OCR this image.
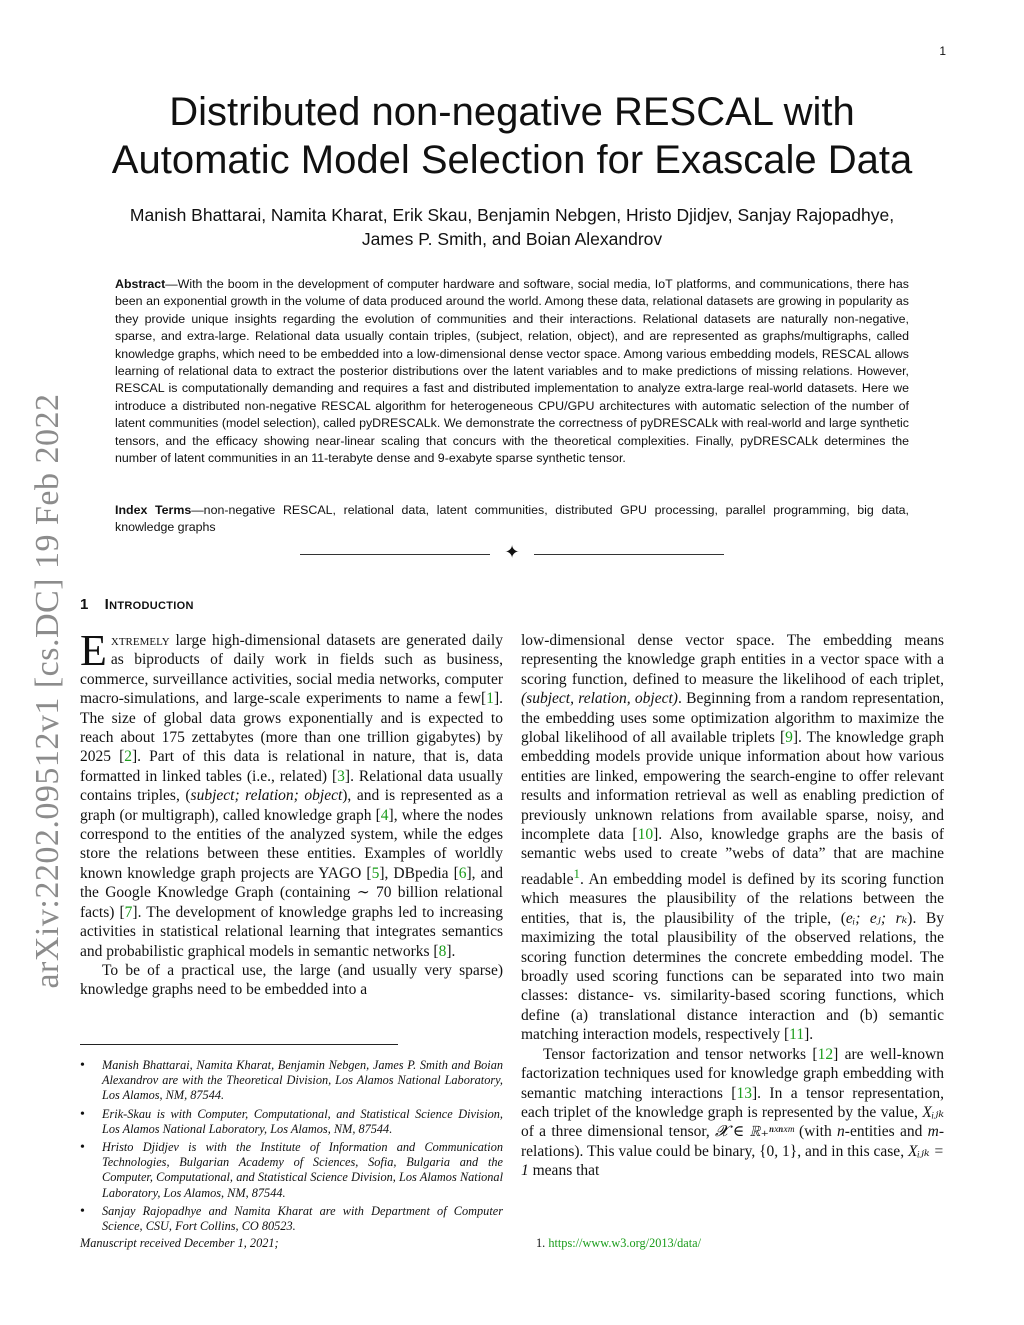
1
arXiv:2202.09512v1 [cs.DC] 19 Feb 2022
Distributed non-negative RESCAL with
Automatic Model Selection for Exascale Data
Manish Bhattarai, Namita Kharat, Erik Skau, Benjamin Nebgen, Hristo Djidjev, Sanjay Rajopadhye,
James P. Smith, and Boian Alexandrov
Abstract—With the boom in the development of computer hardware and software, social media, IoT platforms, and communications, there has been an exponential growth in the volume of data produced around the world. Among these data, relational datasets are growing in popularity as they provide unique insights regarding the evolution of communities and their interactions. Relational datasets are naturally non-negative, sparse, and extra-large. Relational data usually contain triples, (subject, relation, object), and are represented as graphs/multigraphs, called knowledge graphs, which need to be embedded into a low-dimensional dense vector space. Among various embedding models, RESCAL allows learning of relational data to extract the posterior distributions over the latent variables and to make predictions of missing relations. However, RESCAL is computationally demanding and requires a fast and distributed implementation to analyze extra-large real-world datasets. Here we introduce a distributed non-negative RESCAL algorithm for heterogeneous CPU/GPU architectures with automatic selection of the number of latent communities (model selection), called pyDRESCALk. We demonstrate the correctness of pyDRESCALk with real-world and large synthetic tensors, and the efficacy showing near-linear scaling that concurs with the theoretical complexities. Finally, pyDRESCALk determines the number of latent communities in an 11-terabyte dense and 9-exabyte sparse synthetic tensor.
Index Terms—non-negative RESCAL, relational data, latent communities, distributed GPU processing, parallel programming, big data, knowledge graphs
✦
1 Introduction

Extremely large high-dimensional datasets are generated daily as biproducts of daily work in fields such as business, commerce, surveillance activities, social media networks, computer macro-simulations, and large-scale experiments to name a few[1]. The size of global data grows exponentially and is expected to reach about 175 zettabytes (more than one trillion gigabytes) by 2025 [2]. Part of this data is relational in nature, that is, data formatted in linked tables (i.e., related) [3]. Relational data usually contains triples, (subject; relation; object), and is represented as a graph (or multigraph), called knowledge graph [4], where the nodes correspond to the entities of the analyzed system, while the edges store the relations between these entities. Examples of worldly known knowledge graph projects are YAGO [5], DBpedia [6], and the Google Knowledge Graph (containing ∼ 70 billion relational facts) [7]. The development of knowledge graphs led to increasing activities in statistical relational learning that integrates semantics and probabilistic graphical models in semantic networks [8].

To be of a practical use, the large (and usually very sparse) knowledge graphs need to be embedded into a

low-dimensional dense vector space. The embedding means representing the knowledge graph entities in a vector space with a scoring function, defined to measure the likelihood of each triplet, (subject, relation, object). Beginning from a random representation, the embedding uses some optimization algorithm to maximize the global likelihood of all available triplets [9]. The knowledge graph embedding models provide unique information about how various entities are linked, empowering the search-engine to offer relevant results and information retrieval as well as enabling prediction of previously unknown relations from available sparse, noisy, and incomplete data [10]. Also, knowledge graphs are the basis of semantic webs used to create ”webs of data” that are machine readable$^1$. An embedding model is defined by its scoring function which measures the plausibility of the relations between the entities, that is, the plausibility of the triple, (eᵢ; eⱼ; rₖ). By maximizing the total plausibility of the observed relations, the scoring function determines the concrete embedding model. The broadly used scoring functions can be separated into two main classes: distance- vs. similarity-based scoring functions, which define (a) translational distance interaction and (b) semantic matching interaction models, respectively [11].

Tensor factorization and tensor networks [12] are well-known factorization techniques used for knowledge graph embedding with semantic matching interactions [13]. In a tensor representation, each triplet of the knowledge graph is represented by the value, Xᵢⱼₖ of a three dimensional tensor, 𝓧 ∈ ℝ₊ⁿˣⁿˣᵐ (with n-entities and m-relations). This value could be binary, {0, 1}, and in this case, Xᵢⱼₖ = 1 means that

• Manish Bhattarai, Namita Kharat, Benjamin Nebgen, James P. Smith and Boian Alexandrov are with the Theoretical Division, Los Alamos National Laboratory, Los Alamos, NM, 87544.
• Erik-Skau is with Computer, Computational, and Statistical Science Division, Los Alamos National Laboratory, Los Alamos, NM, 87544.
• Hristo Djidjev is with the Institute of Information and Communication Technologies, Bulgarian Academy of Sciences, Sofia, Bulgaria and the Computer, Computational, and Statistical Science Division, Los Alamos National Laboratory, Los Alamos, NM, 87544.
• Sanjay Rajopadhye and Namita Kharat are with Department of Computer Science, CSU, Fort Collins, CO 80523.
Manuscript received December 1, 2021;	1. https://www.w3.org/2013/data/
